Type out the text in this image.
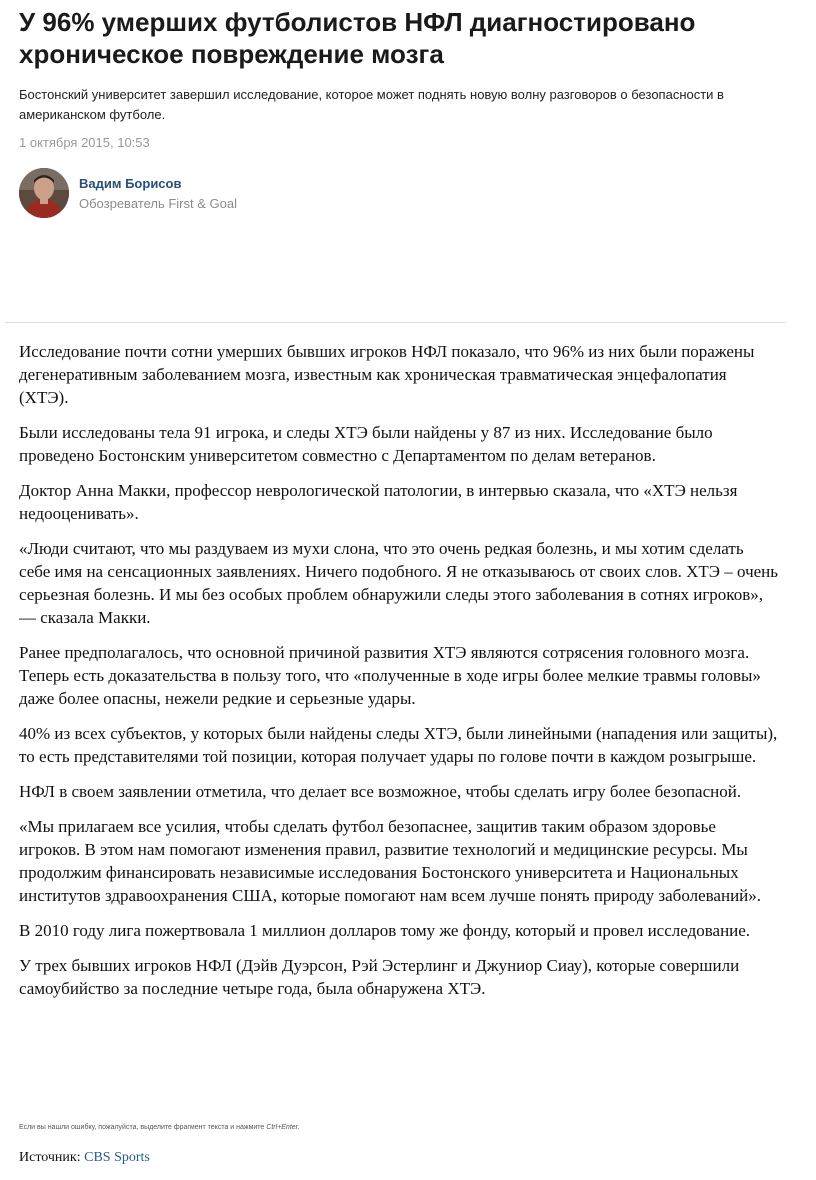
У 96% умерших футболистов НФЛ диагностировано хроническое повреждение мозга

Бостонский университет завершил исследование, которое может поднять новую волну разговоров о безопасности в американском футболе.

1 октября 2015, 10:53
Вадим Борисов
Обозреватель First & Goal

Исследование почти сотни умерших бывших игроков НФЛ показало, что 96% из них были поражены дегенеративным заболеванием мозга, известным как хроническая травматическая энцефалопатия (ХТЭ).

Были исследованы тела 91 игрока, и следы ХТЭ были найдены у 87 из них. Исследование было проведено Бостонским университетом совместно с Департаментом по делам ветеранов.

Доктор Анна Макки, профессор неврологической патологии, в интервью сказала, что «ХТЭ нельзя недооценивать».

«Люди считают, что мы раздуваем из мухи слона, что это очень редкая болезнь, и мы хотим сделать себе имя на сенсационных заявлениях. Ничего подобного. Я не отказываюсь от своих слов. ХТЭ – очень серьезная болезнь. И мы без особых проблем обнаружили следы этого заболевания в сотнях игроков», — сказала Макки.

Ранее предполагалось, что основной причиной развития ХТЭ являются сотрясения головного мозга. Теперь есть доказательства в пользу того, что «полученные в ходе игры более мелкие травмы головы» даже более опасны, нежели редкие и серьезные удары.

40% из всех субъектов, у которых были найдены следы ХТЭ, были линейными (нападения или защиты), то есть представителями той позиции, которая получает удары по голове почти в каждом розыгрыше.

НФЛ в своем заявлении отметила, что делает все возможное, чтобы сделать игру более безопасной.

«Мы прилагаем все усилия, чтобы сделать футбол безопаснее, защитив таким образом здоровье игроков. В этом нам помогают изменения правил, развитие технологий и медицинские ресурсы. Мы продолжим финансировать независимые исследования Бостонского университета и Национальных институтов здравоохранения США, которые помогают нам всем лучше понять природу заболеваний».

В 2010 году лига пожертвовала 1 миллион долларов тому же фонду, который и провел исследование.

У трех бывших игроков НФЛ (Дэйв Дуэрсон, Рэй Эстерлинг и Джуниор Сиау), которые совершили самоубийство за последние четыре года, была обнаружена ХТЭ.

Если вы нашли ошибку, пожалуйста, выделите фрагмент текста и нажмите Ctrl+Enter.
Источник: CBS Sports
